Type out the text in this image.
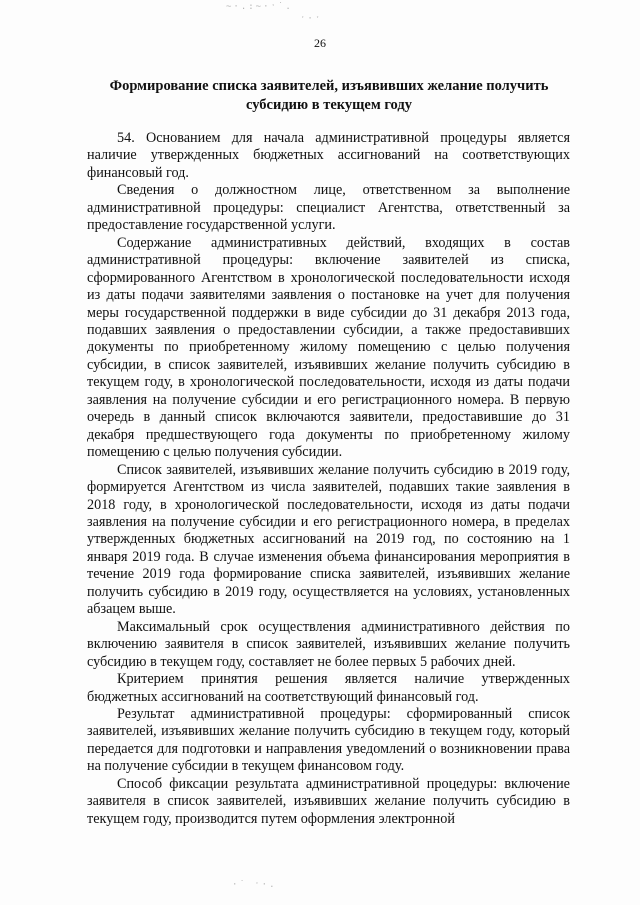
~·.:~·ˑ˙.
ˑ·ˑ
·˙ ˑ·.
26
Формирование списка заявителей, изъявивших желание получить субсидию в текущем году

54. Основанием для начала административной процедуры является наличие утвержденных бюджетных ассигнований на соответствующих финансовый год.

Сведения о должностном лице, ответственном за выполнение административной процедуры: специалист Агентства, ответственный за предоставление государственной услуги.

Содержание административных действий, входящих в состав административной процедуры: включение заявителей из списка, сформированного Агентством в хронологической последовательности исходя из даты подачи заявителями заявления о постановке на учет для получения меры государственной поддержки в виде субсидии до 31 декабря 2013 года, подавших заявления о предоставлении субсидии, а также предоставивших документы по приобретенному жилому помещению с целью получения субсидии, в список заявителей, изъявивших желание получить субсидию в текущем году, в хронологической последовательности, исходя из даты подачи заявления на получение субсидии и его регистрационного номера. В первую очередь в данный список включаются заявители, предоставившие до 31 декабря предшествующего года документы по приобретенному жилому помещению с целью получения субсидии.

Список заявителей, изъявивших желание получить субсидию в 2019 году, формируется Агентством из числа заявителей, подавших такие заявления в 2018 году, в хронологической последовательности, исходя из даты подачи заявления на получение субсидии и его регистрационного номера, в пределах утвержденных бюджетных ассигнований на 2019 год, по состоянию на 1 января 2019 года. В случае изменения объема финансирования мероприятия в течение 2019 года формирование списка заявителей, изъявивших желание получить субсидию в 2019 году, осуществляется на условиях, установленных абзацем выше.

Максимальный срок осуществления административного действия по включению заявителя в список заявителей, изъявивших желание получить субсидию в текущем году, составляет не более первых 5 рабочих дней.

Критерием принятия решения является наличие утвержденных бюджетных ассигнований на соответствующий финансовый год.

Результат административной процедуры: сформированный список заявителей, изъявивших желание получить субсидию в текущем году, который передается для подготовки и направления уведомлений о возникновении права на получение субсидии в текущем финансовом году.

Способ фиксации результата административной процедуры: включение заявителя в список заявителей, изъявивших желание получить субсидию в текущем году, производится путем оформления электронной
